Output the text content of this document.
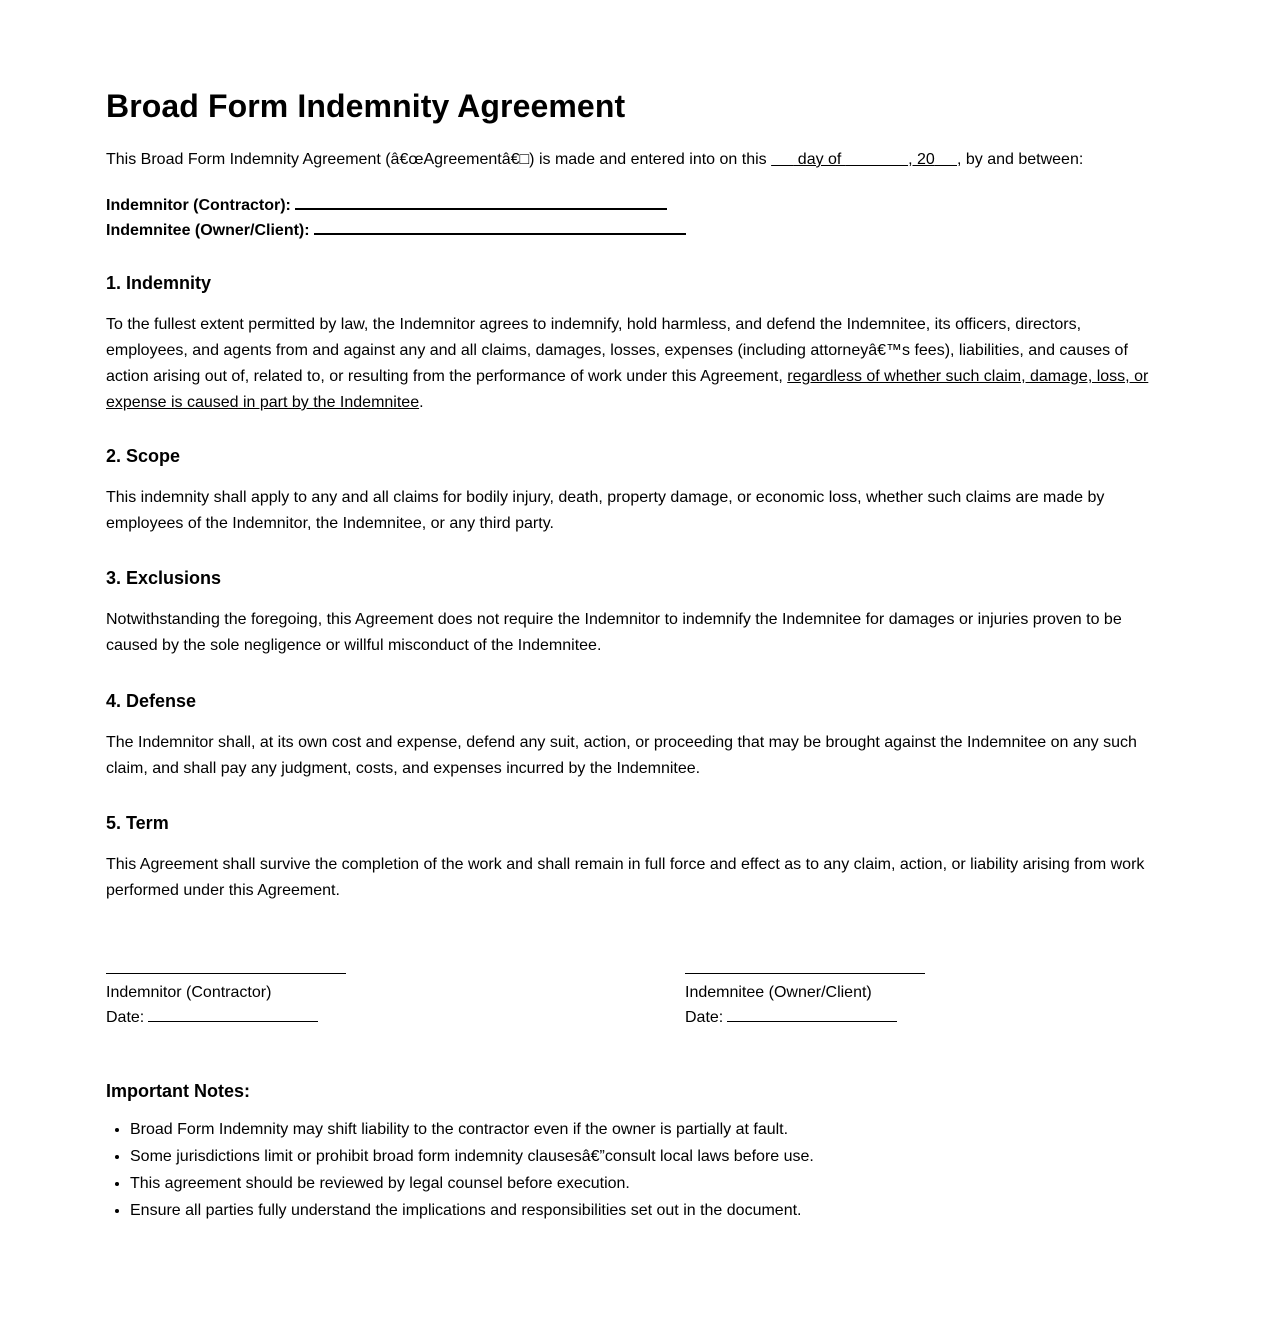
Broad Form Indemnity Agreement
This Broad Form Indemnity Agreement (â€œAgreementâ€□) is made and entered into on this       day of	, 20 , by and between:
Indemnitor (Contractor):
Indemnitee (Owner/Client):
1. Indemnity

To the fullest extent permitted by law, the Indemnitor agrees to indemnify, hold harmless, and defend the Indemnitee, its officers, directors, employees, and agents from and against any and all claims, damages, losses, expenses (including attorneyâ€™s fees), liabilities, and causes of action arising out of, related to, or resulting from the performance of work under this Agreement, regardless of whether such claim, damage, loss, or expense is caused in part by the Indemnitee.

2. Scope

This indemnity shall apply to any and all claims for bodily injury, death, property damage, or economic loss, whether such claims are made by employees of the Indemnitor, the Indemnitee, or any third party.

3. Exclusions

Notwithstanding the foregoing, this Agreement does not require the Indemnitor to indemnify the Indemnitee for damages or injuries proven to be caused by the sole negligence or willful misconduct of the Indemnitee.

4. Defense

The Indemnitor shall, at its own cost and expense, defend any suit, action, or proceeding that may be brought against the Indemnitee on any such claim, and shall pay any judgment, costs, and expenses incurred by the Indemnitee.

5. Term

This Agreement shall survive the completion of the work and shall remain in full force and effect as to any claim, action, or liability arising from work performed under this Agreement.

Indemnitor (Contractor)
Date:
Indemnitee (Owner/Client)
Date:
Important Notes:
• Broad Form Indemnity may shift liability to the contractor even if the owner is partially at fault.
• Some jurisdictions limit or prohibit broad form indemnity clausesâ€”consult local laws before use.
• This agreement should be reviewed by legal counsel before execution.
• Ensure all parties fully understand the implications and responsibilities set out in the document.
